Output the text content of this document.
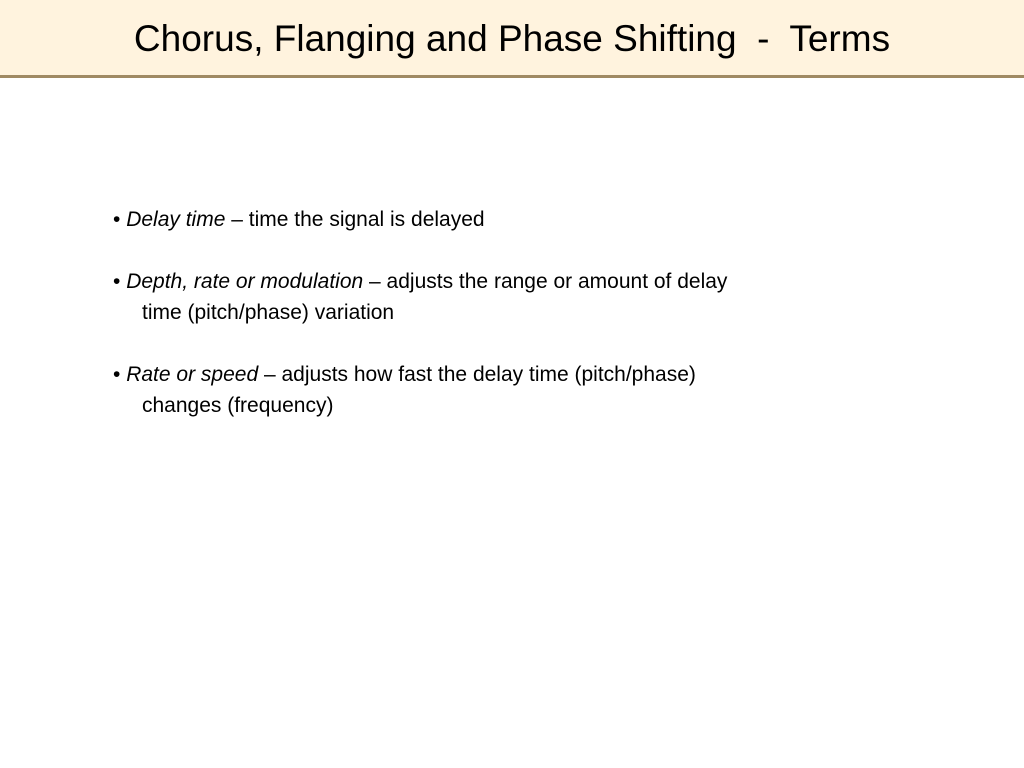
Chorus, Flanging and Phase Shifting  -  Terms
• Delay time – time the signal is delayed
• Depth, rate or modulation – adjusts the range or amount of delay
time (pitch/phase) variation
• Rate or speed – adjusts how fast the delay time (pitch/phase)
changes (frequency)
